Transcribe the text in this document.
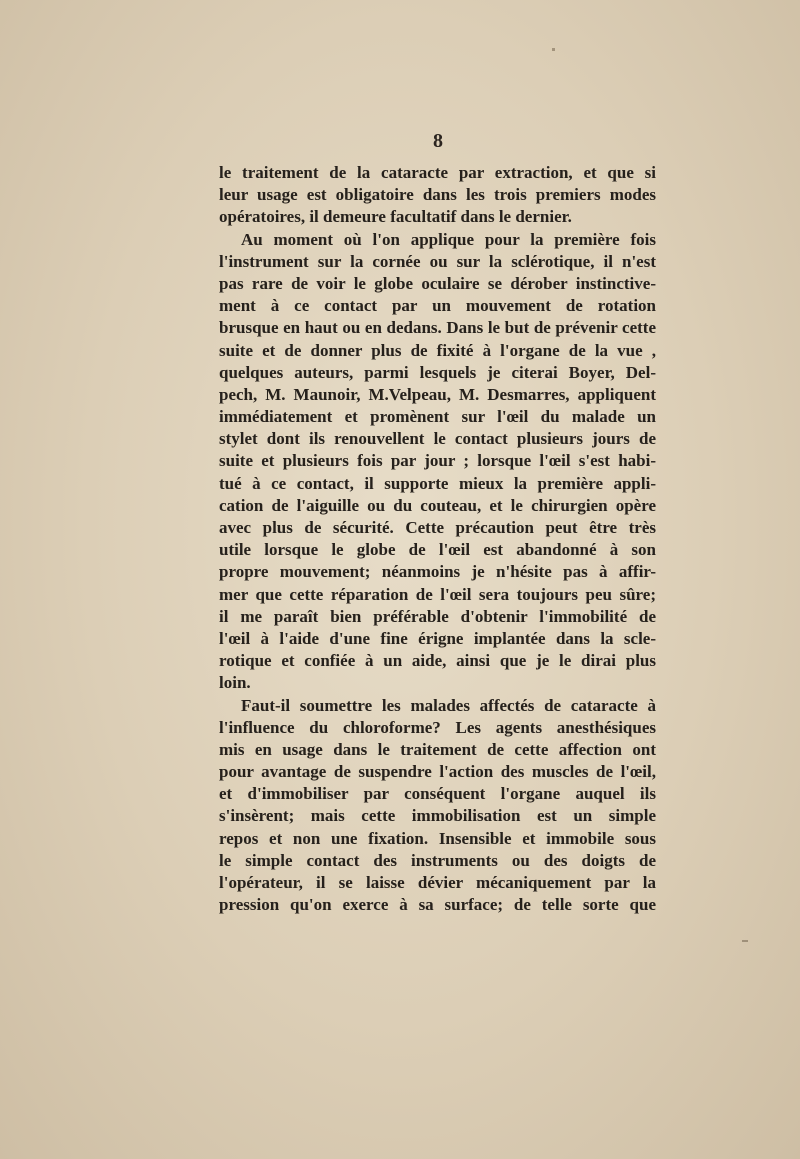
8
le traitement de la cataracte par extraction, et que si
leur usage est obligatoire dans les trois premiers modes
opératoires, il demeure facultatif dans le dernier.
Au moment où l'on applique pour la première fois
l'instrument sur la cornée ou sur la sclérotique, il n'est
pas rare de voir le globe oculaire se dérober instinctive-
ment à ce contact par un mouvement de rotation
brusque en haut ou en dedans. Dans le but de prévenir cette
suite et de donner plus de fixité à l'organe de la vue ,
quelques auteurs, parmi lesquels je citerai Boyer, Del-
pech, M. Maunoir, M.Velpeau, M. Desmarres, appliquent
immédiatement et promènent sur l'œil du malade un
stylet dont ils renouvellent le contact plusieurs jours de
suite et plusieurs fois par jour ; lorsque l'œil s'est habi-
tué à ce contact, il supporte mieux la première appli-
cation de l'aiguille ou du couteau, et le chirurgien opère
avec plus de sécurité. Cette précaution peut être très
utile lorsque le globe de l'œil est abandonné à son
propre mouvement; néanmoins je n'hésite pas à affir-
mer que cette réparation de l'œil sera toujours peu sûre;
il me paraît bien préférable d'obtenir l'immobilité de
l'œil à l'aide d'une fine érigne implantée dans la scle-
rotique et confiée à un aide, ainsi que je le dirai plus
loin.
Faut-il soumettre les malades affectés de cataracte à
l'influence du chloroforme? Les agents anesthésiques
mis en usage dans le traitement de cette affection ont
pour avantage de suspendre l'action des muscles de l'œil,
et d'immobiliser par conséquent l'organe auquel ils
s'insèrent; mais cette immobilisation est un simple
repos et non une fixation. Insensible et immobile sous
le simple contact des instruments ou des doigts de
l'opérateur, il se laisse dévier mécaniquement par la
pression qu'on exerce à sa surface; de telle sorte que
